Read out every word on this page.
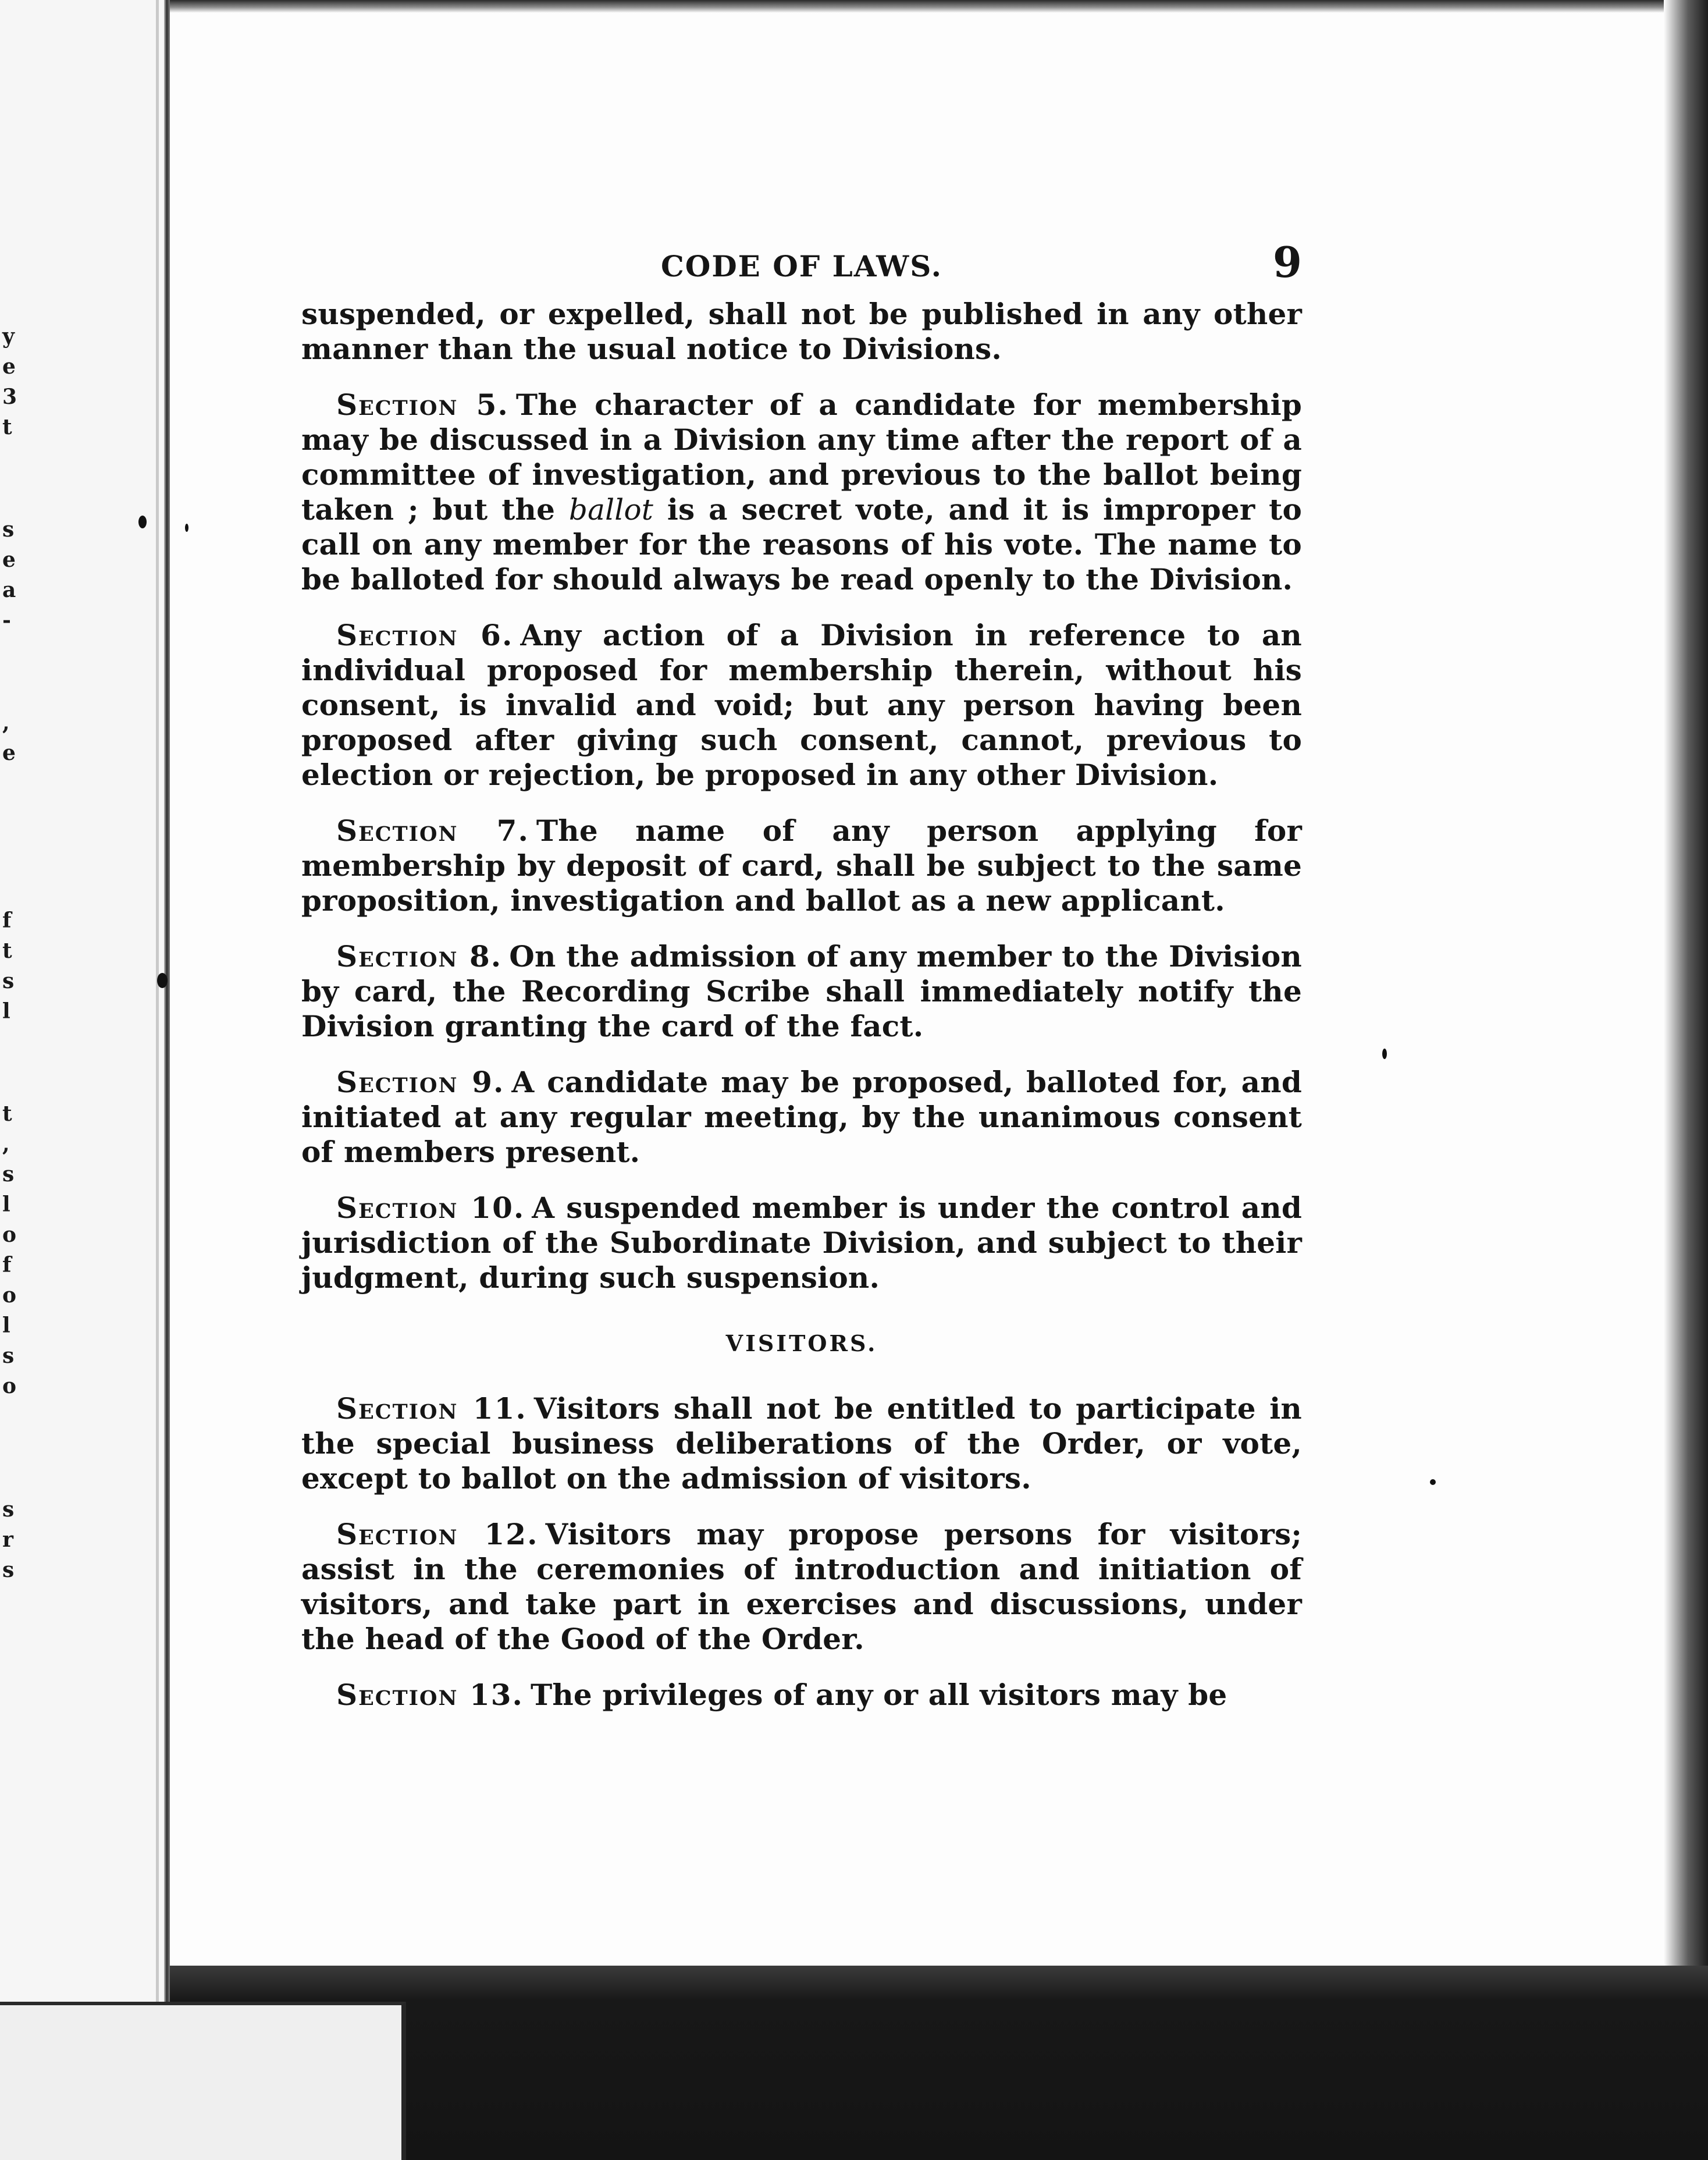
y
e
3
t
s
e
a
-
,
e
f
t
s
l
t
,
s
l
o
f
o
l
s
o
s
r
s
CODE OF LAWS.	9

suspended, or expelled, shall not be published in any other manner than the usual notice to Divisions.

Section 5. The character of a candidate for membership may be discussed in a Division any time after the report of a committee of investigation, and previous to the ballot being taken ; but the ballot is a secret vote, and it is improper to call on any member for the reasons of his vote. The name to be balloted for should always be read openly to the Division.

Section 6. Any action of a Division in reference to an individual proposed for membership therein, without his consent, is invalid and void; but any person having been proposed after giving such consent, cannot, previous to election or rejection, be proposed in any other Division.

Section 7. The name of any person applying for membership by deposit of card, shall be subject to the same proposition, investigation and ballot as a new applicant.

Section 8. On the admission of any member to the Division by card, the Recording Scribe shall immediately notify the Division granting the card of the fact.

Section 9. A candidate may be proposed, balloted for, and initiated at any regular meeting, by the unanimous consent of members present.

Section 10. A suspended member is under the control and jurisdiction of the Subordinate Division, and subject to their judgment, during such suspension.

VISITORS.

Section 11. Visitors shall not be entitled to participate in the special business deliberations of the Order, or vote, except to ballot on the admission of visitors.

Section 12. Visitors may propose persons for visitors; assist in the ceremonies of introduction and initiation of visitors, and take part in exercises and discussions, under the head of the Good of the Order.

Section 13. The privileges of any or all visitors may be
